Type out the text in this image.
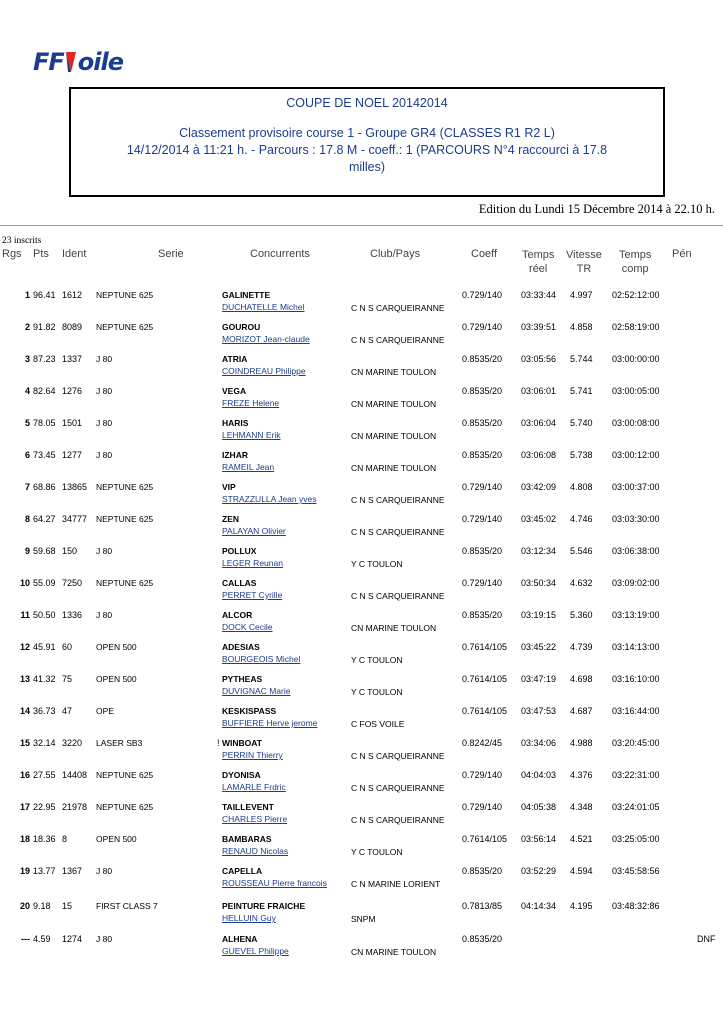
FF oile
COUPE DE NOEL 20142014
Classement provisoire course 1 - Groupe GR4 (CLASSES R1 R2 L)
14/12/2014 à 11:21 h. - Parcours : 17.8 M - coeff.: 1 (PARCOURS N°4 raccourci à 17.8
milles)
Edition du Lundi 15 Décembre 2014 à 22.10 h.
23 inscrits
Rgs Pts Ident	Serie	Concurrents	Club/Pays	Coeff Temps
réel
Vitesse
TR
Temps
comp
Pén
1 96.41 1612 NEPTUNE 625	GALINETTE
DUCHATELLE Michel	C N S CARQUEIRANNE
0.729/140 03:33:44 4.997 02:52:12:00
2 91.82 8089 NEPTUNE 625	GOUROU
MORIZOT Jean-claude	C N S CARQUEIRANNE
0.729/140 03:39:51 4.858 02:58:19:00
3 87.23 1337 J 80	ATRIA
COINDREAU Philippe	CN MARINE TOULON
0.8535/20 03:05:56 5.744 03:00:00:00
4 82.64 1276 J 80	VEGA
FREZE Helene	CN MARINE TOULON
0.8535/20 03:06:01 5.741 03:00:05:00
5 78.05 1501 J 80	HARIS
LEHMANN Erik	CN MARINE TOULON
0.8535/20 03:06:04 5.740 03:00:08:00
6 73.45 1277 J 80	IZHAR
RAMEIL Jean	CN MARINE TOULON
0.8535/20 03:06:08 5.738 03:00:12:00
7 68.86 13865 NEPTUNE 625	VIP
STRAZZULLA Jean yves	C N S CARQUEIRANNE
0.729/140 03:42:09 4.808 03:00:37:00
8 64.27 34777 NEPTUNE 625	ZEN
PALAYAN Olivier	C N S CARQUEIRANNE
0.729/140 03:45:02 4.746 03:03:30:00
9 59.68 150 J 80	POLLUX
LEGER Reunan	Y C TOULON
0.8535/20 03:12:34 5.546 03:06:38:00
10 55.09 7250 NEPTUNE 625	CALLAS
PERRET Cyrille	C N S CARQUEIRANNE
0.729/140 03:50:34 4.632 03:09:02:00
11 50.50 1336 J 80	ALCOR
DOCK Cecile	CN MARINE TOULON
0.8535/20 03:19:15 5.360 03:13:19:00
12 45.91 60	OPEN 500	ADESIAS
BOURGEOIS Michel	Y C TOULON
0.7614/105 03:45:22 4.739 03:14:13:00
13 41.32 75	OPEN 500	PYTHEAS
DUVIGNAC Marie	Y C TOULON
0.7614/105 03:47:19 4.698 03:16:10:00
14 36.73 47	OPE	KESKISPASS
BUFFIERE Herve jerome	C FOS VOILE
0.7614/105 03:47:53 4.687 03:16:44:00
15 32.14 3220 LASER SB3	WINBOAT
PERRIN Thierry	C N S CARQUEIRANNE
0.8242/45 03:34:06 4.988 03:20:45:00
!
16 27.55 14408 NEPTUNE 625	DYONISA
LAMARLE Frdric	C N S CARQUEIRANNE
0.729/140 04:04:03 4.376 03:22:31:00
17 22.95 21978 NEPTUNE 625	TAILLEVENT
CHARLES Pierre	C N S CARQUEIRANNE
0.729/140 04:05:38 4.348 03:24:01:05
18 18.36 8	OPEN 500	BAMBARAS
RENAUD Nicolas	Y C TOULON
0.7614/105 03:56:14 4.521 03:25:05:00
19 13.77 1367 J 80	CAPELLA
ROUSSEAU Pierre francois	C N MARINE LORIENT
0.8535/20 03:52:29 4.594 03:45:58:56
20 9.18 15	FIRST CLASS 7	PEINTURE FRAICHE
HELLUIN Guy	SNPM
0.7813/85 04:14:34 4.195 03:48:32:86
--- 4.59 1274 J 80	ALHENA
GUEVEL Philippe	CN MARINE TOULON
0.8535/20	DNF
